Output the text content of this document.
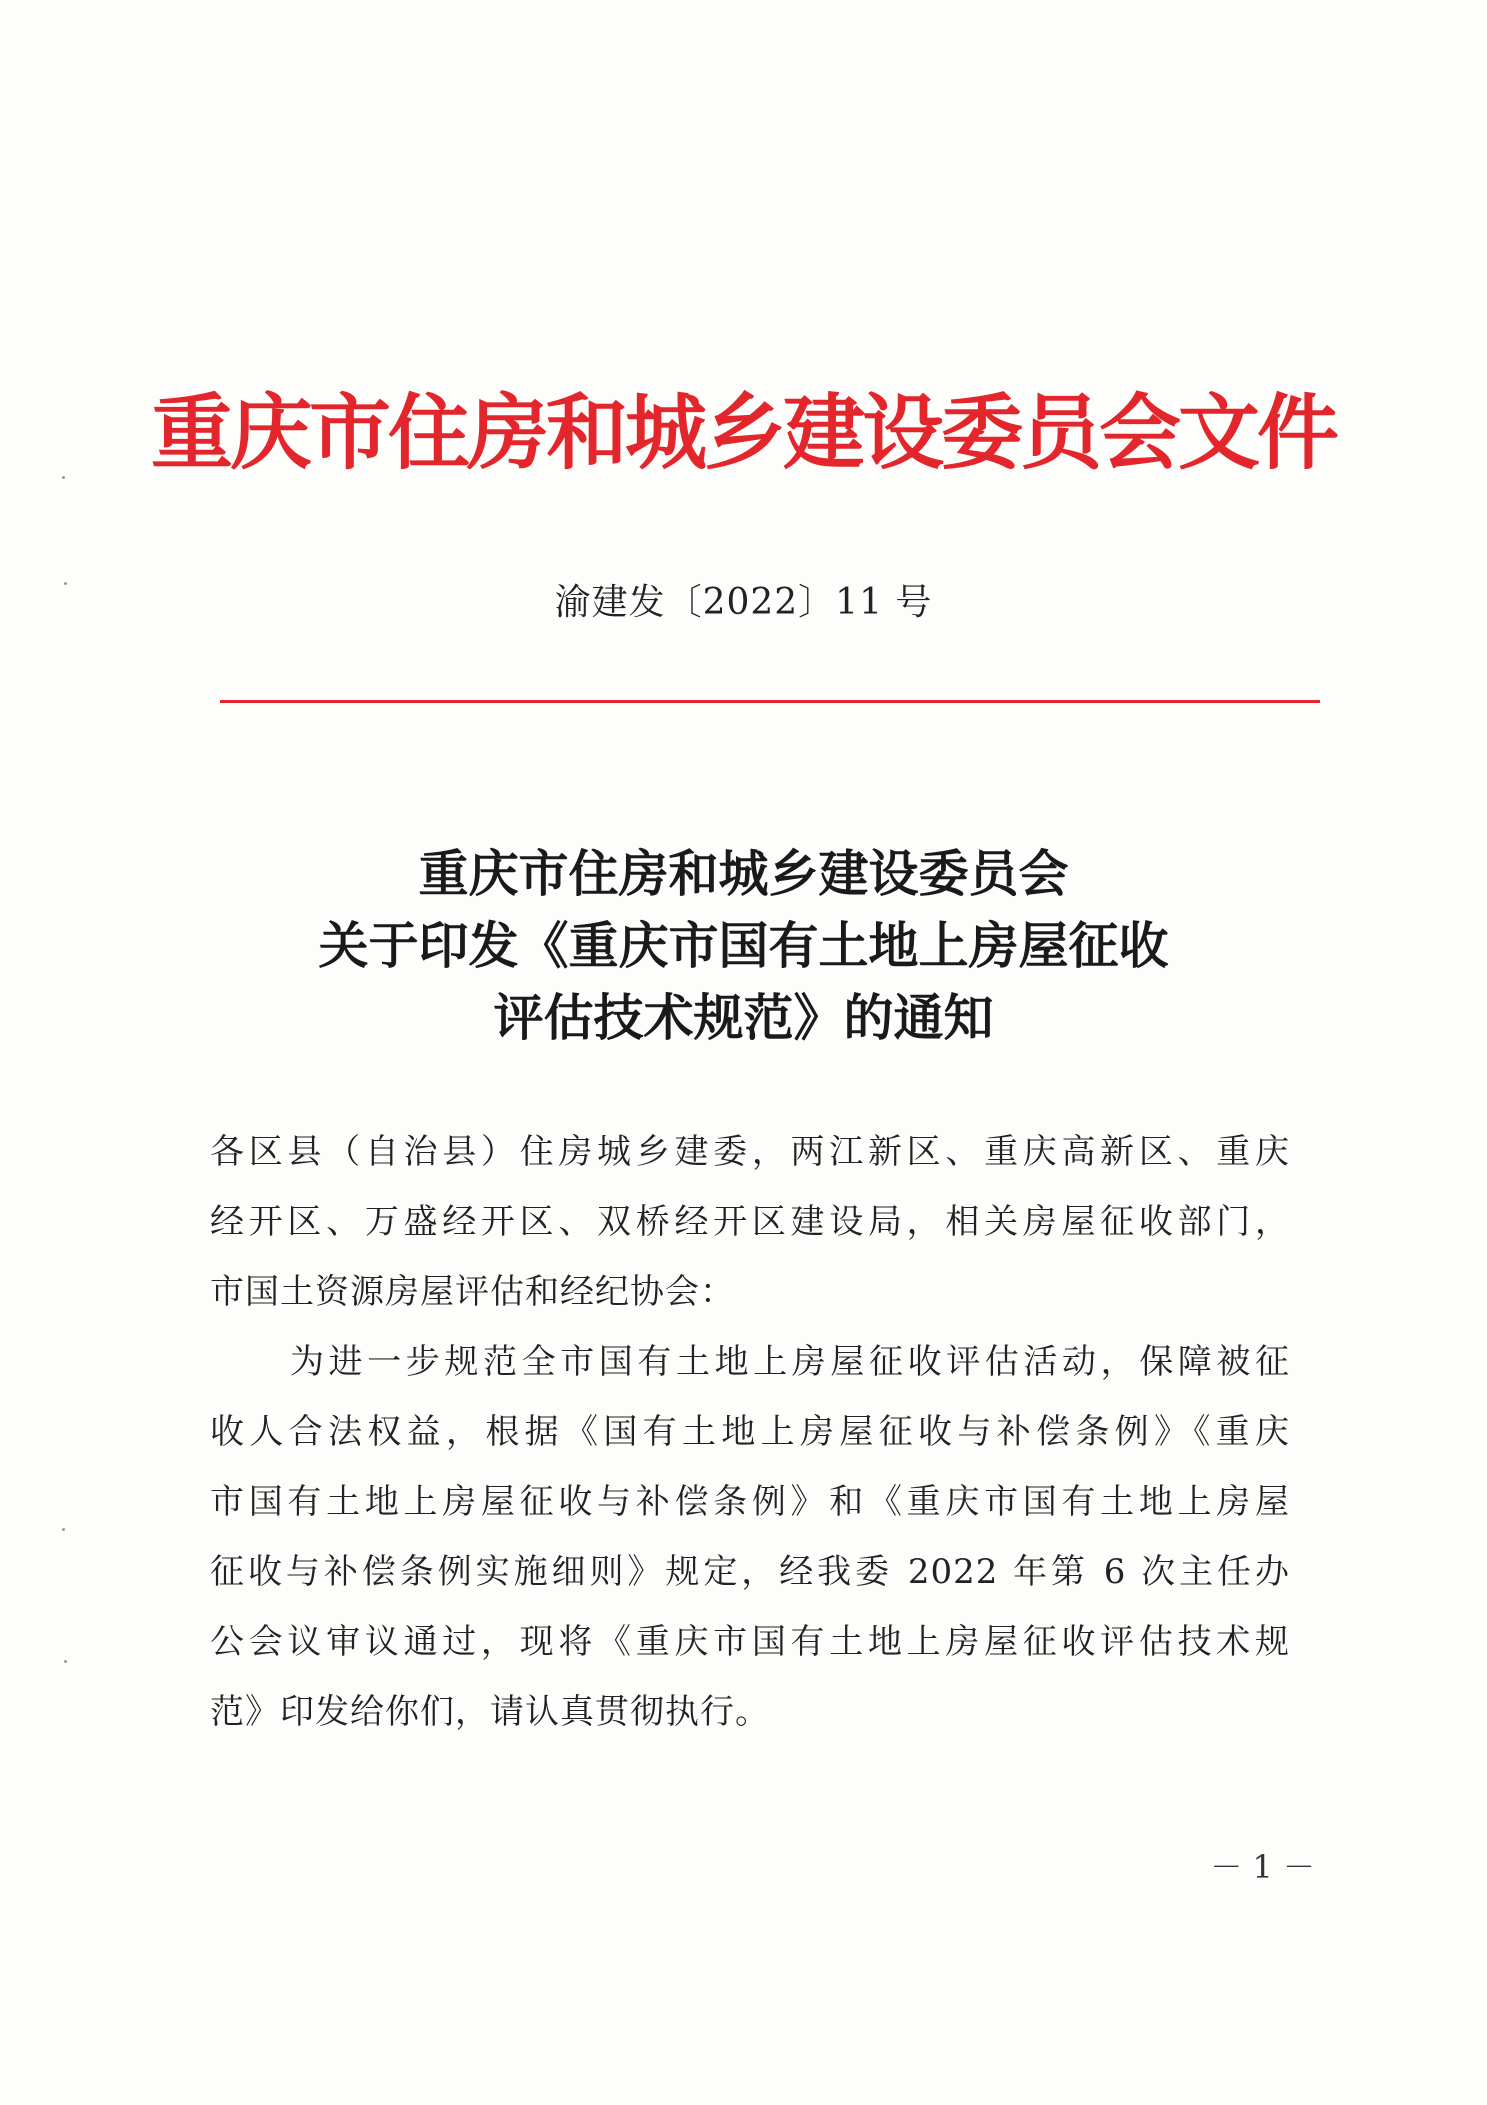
重庆市住房和城乡建设委员会文件
渝建发〔2022〕11 号
重庆市住房和城乡建设委员会
关于印发《重庆市国有土地上房屋征收
评估技术规范》的通知
各区县（自治县）住房城乡建委，两江新区、重庆高新区、重庆
经开区、万盛经开区、双桥经开区建设局，相关房屋征收部门，
市国土资源房屋评估和经纪协会：
为进一步规范全市国有土地上房屋征收评估活动，保障被征
收人合法权益，根据《国有土地上房屋征收与补偿条例》《重庆
市国有土地上房屋征收与补偿条例》和《重庆市国有土地上房屋
征收与补偿条例实施细则》规定，经我委 2022 年第 6 次主任办
公会议审议通过，现将《重庆市国有土地上房屋征收评估技术规
范》印发给你们，请认真贯彻执行。
－ 1 －
